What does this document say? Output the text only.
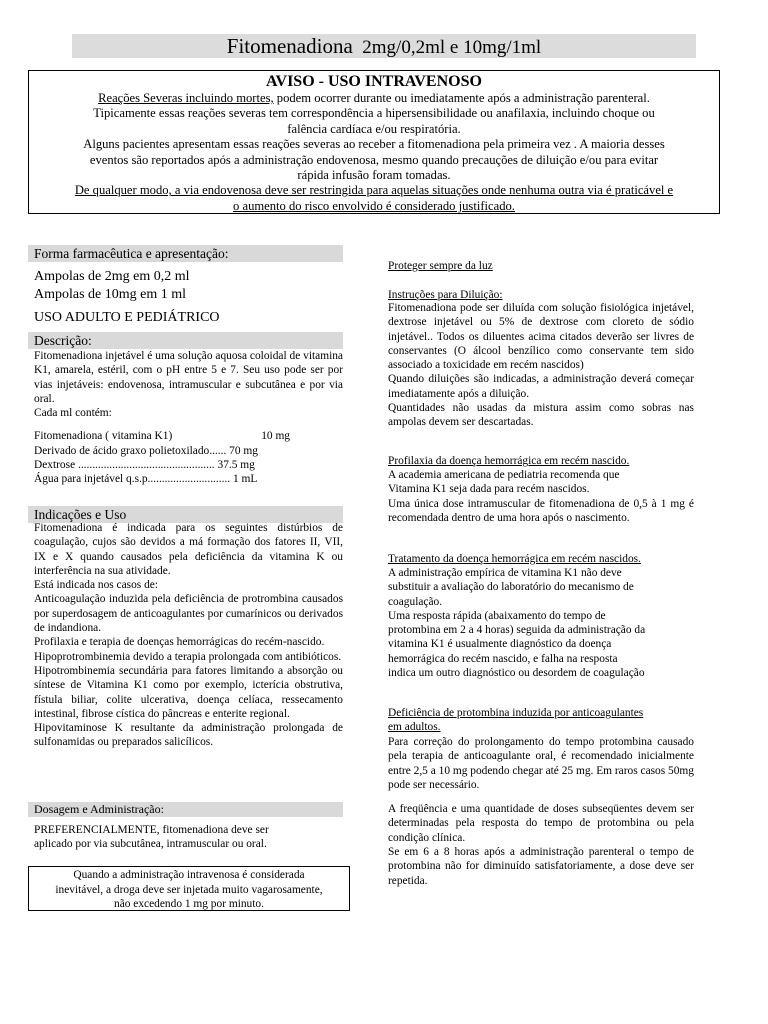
Fitomenadiona 2mg/0,2ml e 10mg/1ml
AVISO - USO INTRAVENOSO
Reações Severas incluindo mortes, podem ocorrer durante ou imediatamente após a administração parenteral.
Tipicamente essas reações severas tem correspondência a hipersensibilidade ou anafilaxia, incluindo choque ou
falência cardíaca e/ou respiratória.
Alguns pacientes apresentam essas reações severas ao receber a fitomenadiona pela primeira vez . A maioria desses
eventos são reportados após a administração endovenosa, mesmo quando precauções de diluição e/ou para evitar
rápida infusão foram tomadas.
De qualquer modo, a via endovenosa deve ser restringida para aquelas situações onde nenhuma outra via é praticável e
o aumento do risco envolvido é considerado justificado.
Forma farmacêutica e apresentação:
Ampolas de 2mg em 0,2 ml
Ampolas de 10mg em 1 ml
USO ADULTO E PEDIÁTRICO
Descrição:

Fitomenadiona injetável é uma solução aquosa coloidal de vitamina K1, amarela, estéril, com o pH entre 5 e 7. Seu uso pode ser por vias injetáveis: endovenosa, intramuscular e subcutânea e por via oral.

Cada ml contém:

Fitomenadiona ( vitamina K1)	10 mg
Derivado de ácido graxo polietoxilado...... 70 mg
Dextrose ................................................ 37.5 mg
Água para injetável q.s.p............................. 1 mL
Indicações e Uso

Fitomenadiona é indicada para os seguintes distúrbios de coagulação, cujos são devidos a má formação dos fatores II, VII, IX e X quando causados pela deficiência da vitamina K ou interferência na sua atividade.

Está indicada nos casos de:

Anticoagulação induzida pela deficiência de protrombina causados por superdosagem de anticoagulantes por cumarínicos ou derivados de indandiona.

Profilaxia e terapia de doenças hemorrágicas do recém-nascido.

Hipoprotrombinemia devido a terapia prolongada com antibióticos.

Hipotrombinemia secundária para fatores limitando a absorção ou síntese de Vitamina K1 como por exemplo, icterícia obstrutiva, fístula biliar, colite ulcerativa, doença celíaca, ressecamento intestinal, fibrose cística do pâncreas e enterite regional.

Hipovitaminose K resultante da administração prolongada de sulfonamidas ou preparados salicílicos.

Dosagem e Administração:
PREFERENCIALMENTE, fitomenadiona deve ser
aplicado por via subcutânea, intramuscular ou oral.
Quando a administração intravenosa é considerada
inevitável, a droga deve ser injetada muito vagarosamente,
não excedendo 1 mg por minuto.
Proteger sempre da luz
Instruções para Diluição:

Fitomenadiona pode ser diluída com solução fisiológica injetável, dextrose injetável ou 5% de dextrose com cloreto de sódio injetável.. Todos os diluentes acima citados deverão ser livres de conservantes (O álcool benzílico como conservante tem sido associado a toxicidade em recém nascidos)

Quando diluições são indicadas, a administração deverá começar imediatamente após a diluição.

Quantidades não usadas da mistura assim como sobras nas ampolas devem ser descartadas.

Profilaxia da doença hemorrágica em recém nascido.
A academia americana de pediatria recomenda que
Vitamina K1 seja dada para recém nascidos.

Uma única dose intramuscular de fitomenadiona de 0,5 à 1 mg é recomendada dentro de uma hora após o nascimento.

Tratamento da doença hemorrágica em recém nascidos.
A administração empírica de vitamina K1 não deve
substituir a avaliação do laboratório do mecanismo de
coagulação.
Uma resposta rápida (abaixamento do tempo de
protombina em 2 a 4 horas) seguida da administração da
vitamina K1 é usualmente diagnóstico da doença
hemorrágica do recém nascido, e falha na resposta
indica um outro diagnóstico ou desordem de coagulação
Deficiência de protombina induzida por anticoagulantes
em adultos.

Para correção do prolongamento do tempo protombina causado pela terapia de anticoagulante oral, é recomendado inicialmente entre 2,5 a 10 mg podendo chegar até 25 mg. Em raros casos 50mg pode ser necessário.

A freqüência e uma quantidade de doses subseqüentes devem ser determinadas pela resposta do tempo de protombina ou pela condição clínica.

Se em 6 a 8 horas após a administração parenteral o tempo de protombina não for diminuído satisfatoriamente, a dose deve ser repetida.
